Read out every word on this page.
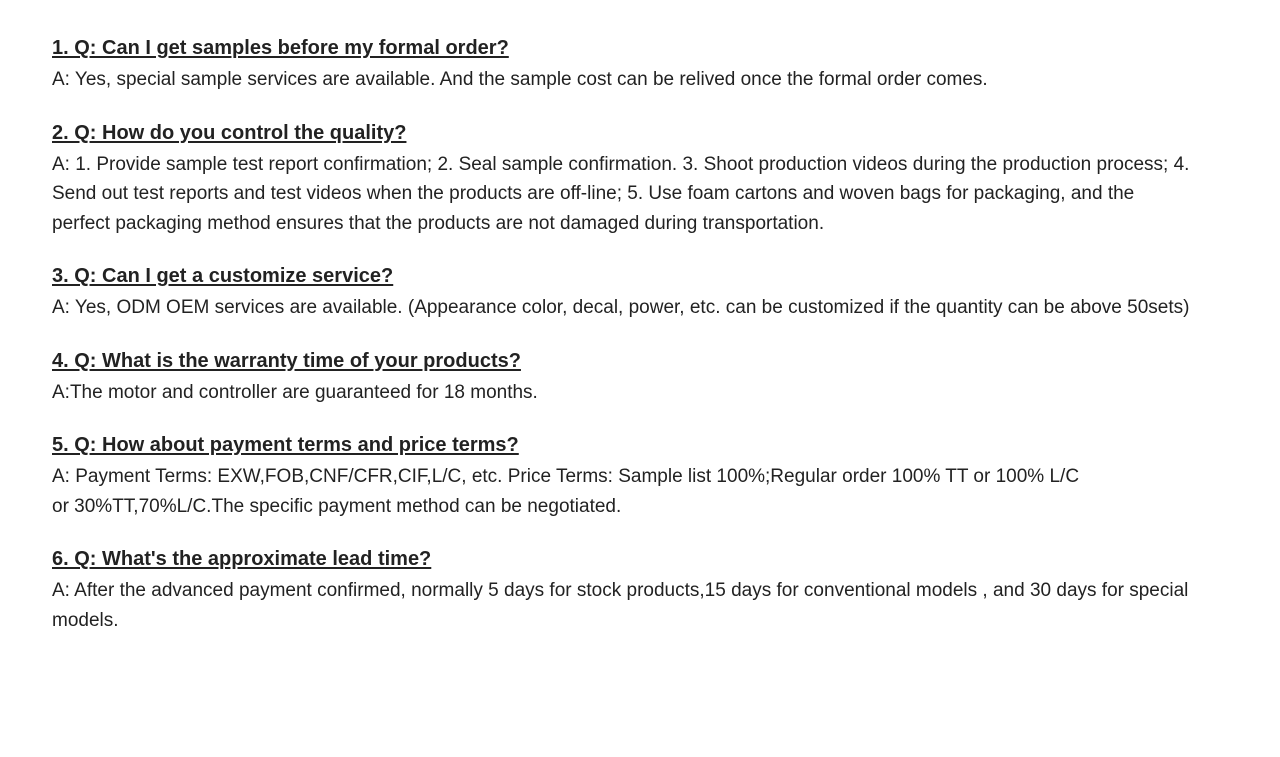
1. Q: Can I get samples before my formal order?

A: Yes, special sample services are available. And the sample cost can be relived once the formal order comes.

2. Q: How do you control the quality?

A: 1. Provide sample test report confirmation; 2. Seal sample confirmation. 3. Shoot production videos during the production process; 4.
Send out test reports and test videos when the products are off-line; 5. Use foam cartons and woven bags for packaging, and the
perfect packaging method ensures that the products are not damaged during transportation.

3. Q: Can I get a customize service?

A: Yes, ODM OEM services are available. (Appearance color, decal, power, etc. can be customized if the quantity can be above 50sets)

4. Q: What is the warranty time of your products?

A:The motor and controller are guaranteed for 18 months.

5. Q: How about payment terms and price terms?

A: Payment Terms: EXW,FOB,CNF/CFR,CIF,L/C, etc. Price Terms: Sample list 100%;Regular order 100% TT or 100% L/C
or 30%TT,70%L/C.The specific payment method can be negotiated.

6. Q: What's the approximate lead time?

A: After the advanced payment confirmed, normally 5 days for stock products,15 days for conventional models , and 30 days for special
models.
